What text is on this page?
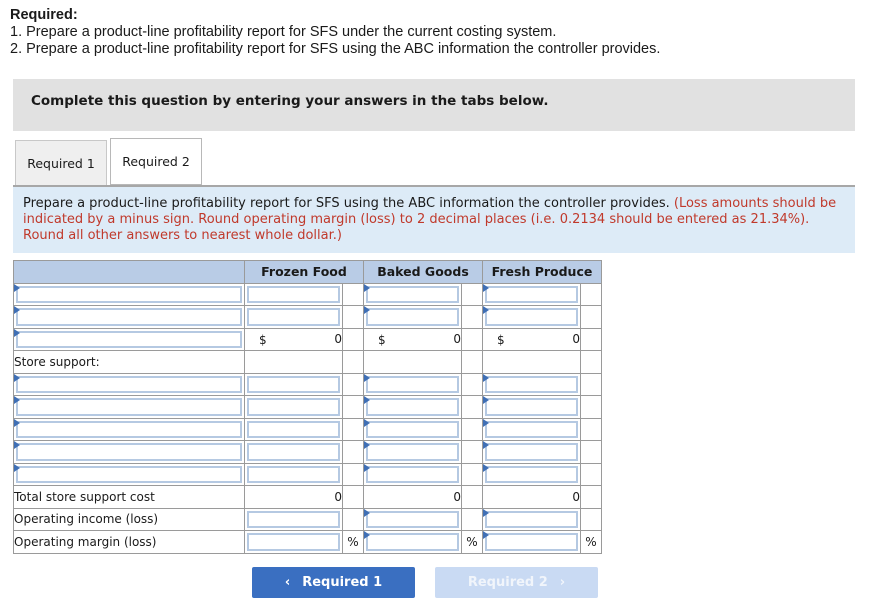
Required:
1. Prepare a product-line profitability report for SFS under the current costing system.
2. Prepare a product-line profitability report for SFS using the ABC information the controller provides.
Complete this question by entering your answers in the tabs below.
Required 1	Required 2
Prepare a product-line profitability report for SFS using the ABC information the controller provides. (Loss amounts should be indicated by a minus sign. Round operating margin (loss) to 2 decimal places (i.e. 0.2134 should be entered as 21.34%). Round all other answers to nearest whole dollar.)
	Frozen Food		Baked Goods		Fresh Produce	

	$ 0		$ 0		$ 0	
Store support:						

Total store support cost	0		0		0	
Operating income (loss)	

Operating margin (loss)		%		%		%
‹ Required 1	Required 2 ›
